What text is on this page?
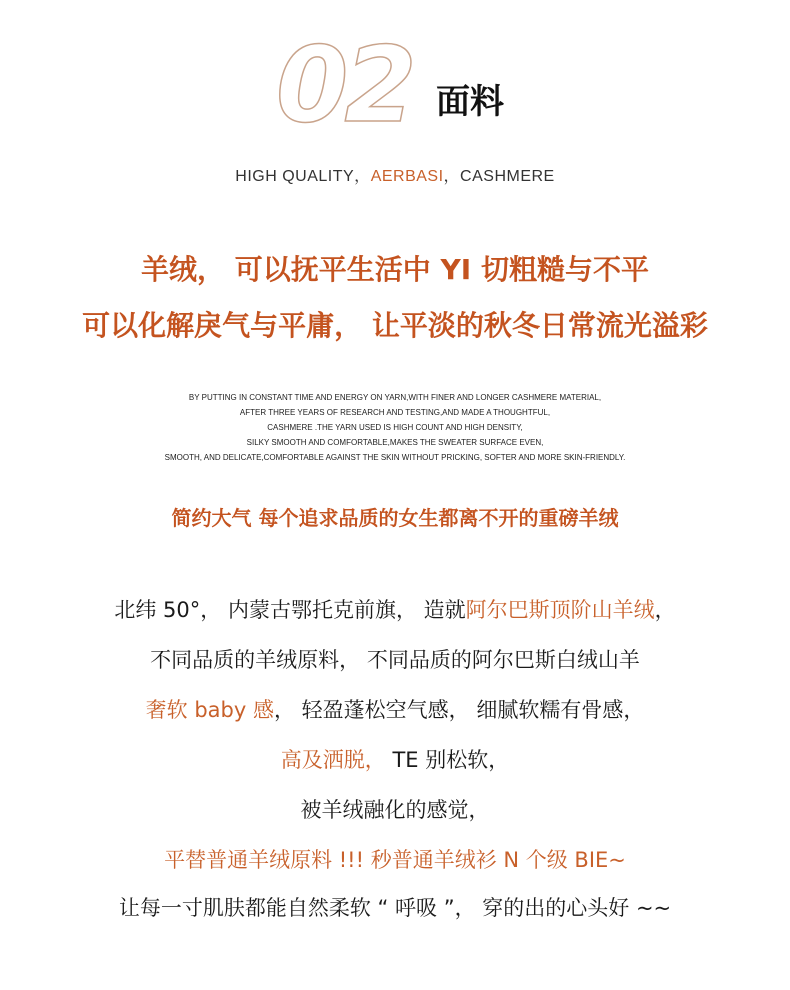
02 面料
HIGH QUALITY，AERBASI，CASHMERE
羊绒， 可以抚平生活中 YI 切粗糙与不平
可以化解戾气与平庸， 让平淡的秋冬日常流光溢彩
BY PUTTING IN CONSTANT TIME AND ENERGY ON YARN,WITH FINER AND LONGER CASHMERE MATERIAL,
AFTER THREE YEARS OF RESEARCH AND TESTING,AND MADE A THOUGHTFUL,
CASHMERE .THE YARN USED IS HIGH COUNT AND HIGH DENSITY,
SILKY SMOOTH AND COMFORTABLE,MAKES THE SWEATER SURFACE EVEN,
SMOOTH, AND DELICATE,COMFORTABLE AGAINST THE SKIN WITHOUT PRICKING, SOFTER AND MORE SKIN-FRIENDLY.
简约大气 每个追求品质的女生都离不开的重磅羊绒
北纬 50°， 内蒙古鄂托克前旗， 造就阿尔巴斯顶阶山羊绒，
不同品质的羊绒原料， 不同品质的阿尔巴斯白绒山羊
奢软 baby 感， 轻盈蓬松空气感， 细腻软糯有骨感，
高及洒脱， TE 别松软，
被羊绒融化的感觉，
平替普通羊绒原料 !!! 秒普通羊绒衫 N 个级 BIE~
让每一寸肌肤都能自然柔软 “ 呼吸 ”， 穿的出的心头好 ~~
